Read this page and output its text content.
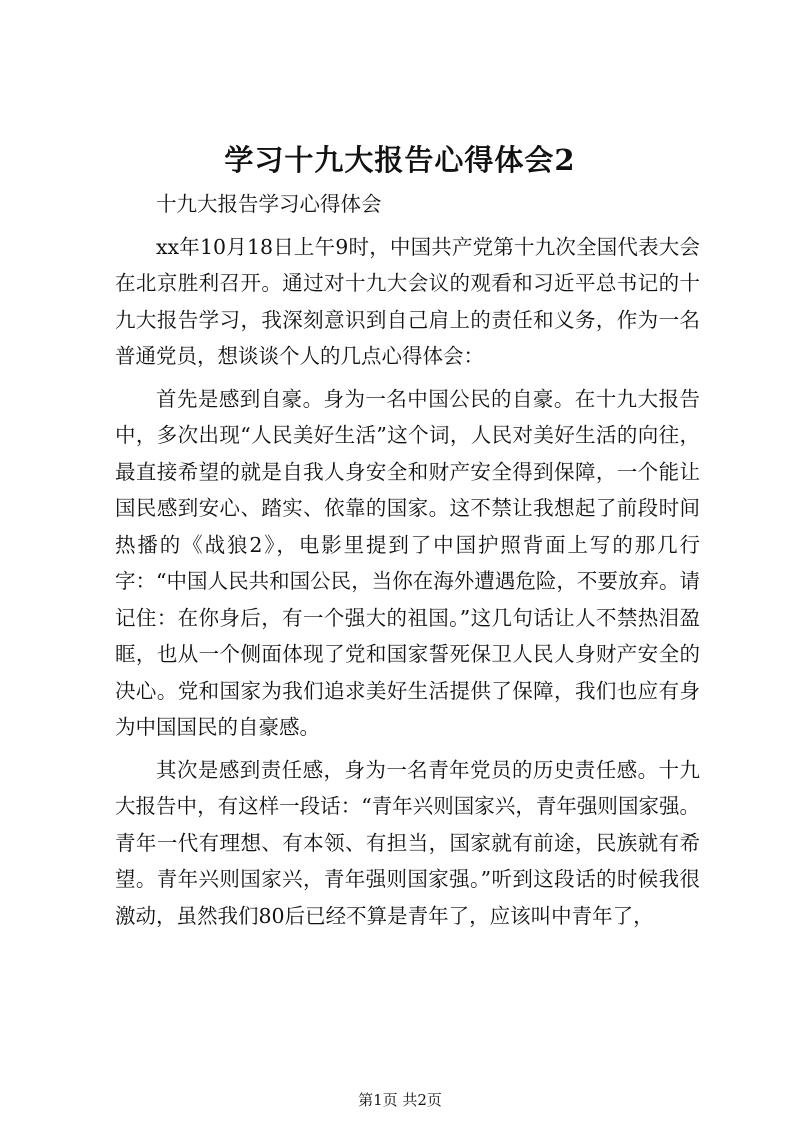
学习十九大报告心得体会2

十九大报告学习心得体会

xx年10月18日上午9时，中国共产党第十九次全国代表大会在北京胜利召开。通过对十九大会议的观看和习近平总书记的十九大报告学习，我深刻意识到自己肩上的责任和义务，作为一名普通党员，想谈谈个人的几点心得体会：

首先是感到自豪。身为一名中国公民的自豪。在十九大报告中，多次出现“人民美好生活”这个词，人民对美好生活的向往，最直接希望的就是自我人身安全和财产安全得到保障，一个能让国民感到安心、踏实、依靠的国家。这不禁让我想起了前段时间热播的《战狼2》，电影里提到了中国护照背面上写的那几行字：“中国人民共和国公民，当你在海外遭遇危险，不要放弃。请记住：在你身后，有一个强大的祖国。”这几句话让人不禁热泪盈眶，也从一个侧面体现了党和国家誓死保卫人民人身财产安全的决心。党和国家为我们追求美好生活提供了保障，我们也应有身为中国国民的自豪感。

其次是感到责任感，身为一名青年党员的历史责任感。十九大报告中，有这样一段话：“青年兴则国家兴，青年强则国家强。青年一代有理想、有本领、有担当，国家就有前途，民族就有希望。青年兴则国家兴，青年强则国家强。”听到这段话的时候我很激动，虽然我们80后已经不算是青年了，应该叫中青年了，

第1页 共2页
